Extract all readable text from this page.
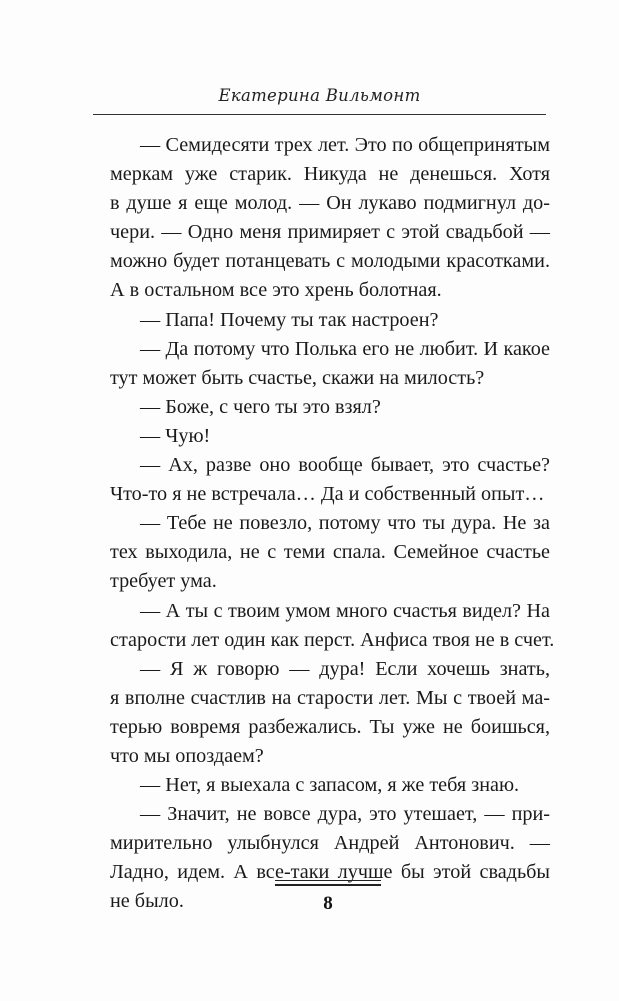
Екатерина Вильмонт
— Семидесяти трех лет. Это по общепринятым
меркам уже старик. Никуда не денешься. Хотя
в душе я еще молод. — Он лукаво подмигнул до-
чери. — Одно меня примиряет с этой свадьбой —
можно будет потанцевать с молодыми красотками.
А в остальном все это хрень болотная.
— Папа! Почему ты так настроен?
— Да потому что Полька его не любит. И какое
тут может быть счастье, скажи на милость?
— Боже, с чего ты это взял?
— Чую!
— Ах, разве оно вообще бывает, это счастье?
Что-то я не встречала… Да и собственный опыт…
— Тебе не повезло, потому что ты дура. Не за
тех выходила, не с теми спала. Семейное счастье
требует ума.
— А ты с твоим умом много счастья видел? На
старости лет один как перст. Анфиса твоя не в счет.
— Я ж говорю — дура! Если хочешь знать,
я вполне счастлив на старости лет. Мы с твоей ма-
терью вовремя разбежались. Ты уже не боишься,
что мы опоздаем?
— Нет, я выехала с запасом, я же тебя знаю.
— Значит, не вовсе дура, это утешает, — при-
мирительно улыбнулся Андрей Антонович. —
Ладно, идем. А все-таки лучше бы этой свадьбы
не было.	8
